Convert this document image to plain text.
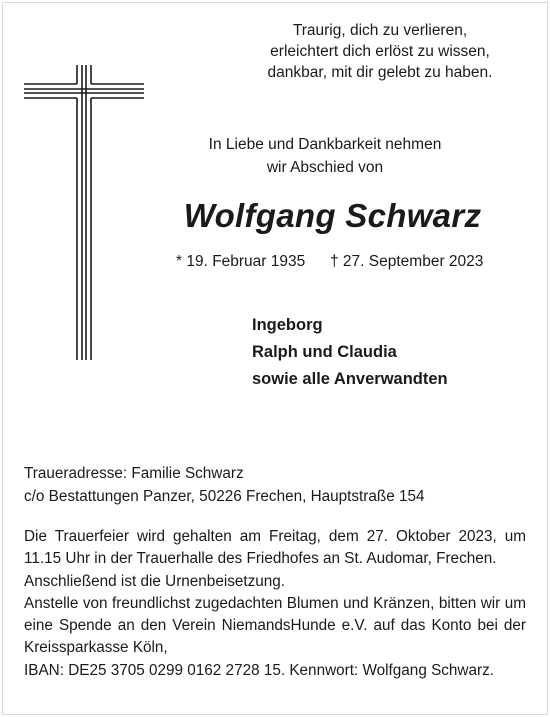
Traurig, dich zu verlieren,
erleichtert dich erlöst zu wissen,
dankbar, mit dir gelebt zu haben.
In Liebe und Dankbarkeit nehmen
wir Abschied von
Wolfgang Schwarz
* 19. Februar 1935 † 27. September 2023
Ingeborg
Ralph und Claudia
sowie alle Anverwandten
Traueradresse: Familie Schwarz
c/o Bestattungen Panzer, 50226 Frechen, Hauptstraße 154

Die Trauerfeier wird gehalten am Freitag, dem 27. Oktober 2023, um 11.15 Uhr in der Trauerhalle des Friedhofes an St. Audomar, Frechen.

Anschließend ist die Urnenbeisetzung.

Anstelle von freundlichst zugedachten Blumen und Kränzen, bitten wir um eine Spende an den Verein NiemandsHunde e.V. auf das Konto bei der Kreissparkasse Köln,

IBAN: DE25 3705 0299 0162 2728 15. Kennwort: Wolfgang Schwarz.
